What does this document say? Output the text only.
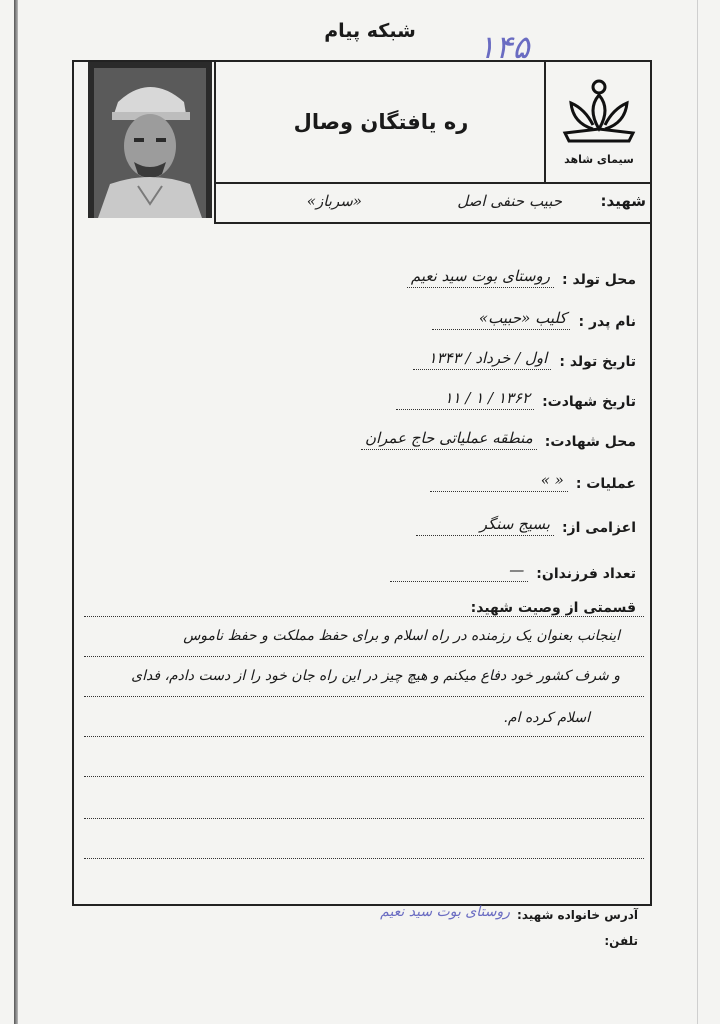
شبکه پیام	۱۴۵
ره یافتگان وصال
سیمای شاهد
شهید:
حبیب حنفی اصل
«سرباز»
محل تولد :
روستای بوت سید نعیم
نام پدر :
کلیب «حبیب»
تاریخ تولد :
اول / خرداد / ۱۳۴۳
تاریخ شهادت:
۱۳۶۲ / ۱ / ۱۱
محل شهادت:
منطقه عملیاتی حاج عمران
عملیات :
« »
اعزامی از:
بسیج سنگر
تعداد فرزندان:
—
قسمتی از وصیت شهید:
اینجانب بعنوان یک رزمنده در راه اسلام و برای حفظ مملکت و حفظ ناموس
و شرف کشور خود دفاع میکنم و هیچ چیز در این راه جان خود را از دست دادم، فدای
اسلام کرده ام.
آدرس خانواده شهید:
روستای بوت سید نعیم
تلفن:
